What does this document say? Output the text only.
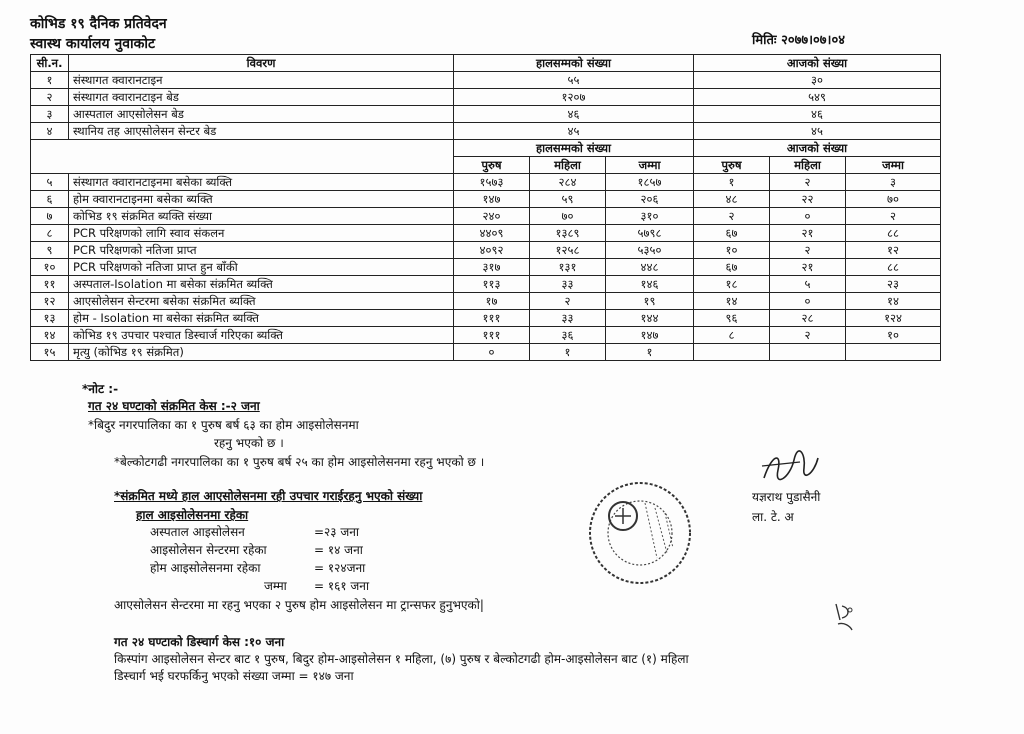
कोभिड १९ दैनिक प्रतिवेदन
स्वास्थ कार्यालय नुवाकोट	मितिः २०७७।०७।०४
सी.न.	विवरण	हालसम्मको संख्या			आजको संख्या		
१	संस्थागत क्वारानटाइन	५५			३०		
२	संस्थागत क्वारानटाइन बेड	१२०७			५४९		
३	आस्पताल आएसोलेसन बेड	४६			४६		
४	स्थानिय तह आएसोलेसन सेन्टर बेड	४५			४५		
		हालसम्मको संख्या			आजको संख्या		
		पुरुष	महिला	जम्मा	पुरुष	महिला	जम्मा
५	संस्थागत क्वारानटाइनमा बसेका ब्यक्ति	१५७३	२८४	१८५७	१	२	३
६	होम क्वारानटाइनमा बसेका ब्यक्ति	१४७	५९	२०६	४८	२२	७०
७	कोभिड १९ संक्रमित ब्यक्ति संख्या	२४०	७०	३१०	२	०	२
८	PCR परिक्षणको लागि स्वाव संकलन	४४०९	१३८९	५७९८	६७	२१	८८
९	PCR परिक्षणको नतिजा प्राप्त	४०९२	१२५८	५३५०	१०	२	१२
१०	PCR परिक्षणको नतिजा प्राप्त हुन बाँकी	३१७	१३१	४४८	६७	२१	८८
११	अस्पताल-Isolation मा बसेका संक्रमित ब्यक्ति	११३	३३	१४६	१८	५	२३
१२	आएसोलेसन सेन्टरमा बसेका संक्रमित ब्यक्ति	१७	२	१९	१४	०	१४
१३	होम - Isolation मा बसेका संक्रमित ब्यक्ति	१११	३३	१४४	९६	२८	१२४
१४	कोभिड १९ उपचार पश्चात डिस्चार्ज गरिएका ब्यक्ति	१११	३६	१४७	८	२	१०
१५	मृत्यु (कोभिड १९ संक्रमित)	०	१	१			
*नोट :-
गत २४ घण्टाको संक्रमित केस :-२ जना
*बिदुर नगरपालिका का १ पुरुष बर्ष ६३ का होम आइसोलेसनमा
रहनु भएको छ ।
*बेल्कोटगढी नगरपालिका का १ पुरुष बर्ष २५ का होम आइसोलेसनमा रहनु भएको छ ।
*संक्रमित मध्ये हाल आएसोलेसनमा रही उपचार गराईरहनु भएको संख्या
हाल आइसोलेसनमा रहेका
अस्पताल आइसोलेसन	=२३ जना
आइसोलेसन सेन्टरमा रहेका	= १४ जना
होम आइसोलेसनमा रहेका	= १२४जना
जम्मा = १६१ जना
आएसोलेसन सेन्टरमा मा रहनु भएका २ पुरुष होम आइसोलेसन मा ट्रान्सफर हुनुभएको|
गत २४ घण्टाको डिस्चार्ग केस :१० जना
किस्पांग आइसोलेसन सेन्टर बाट १ पुरुष, बिदुर होम-आइसोलेसन १ महिला, (७) पुरुष र बेल्कोटगढी होम-आइसोलेसन बाट (१) महिला
डिस्चार्ग भई घरफर्किनु भएको संख्या जम्मा = १४७ जना
यज्ञराथ पुडासैनी
ला. टे. अ
